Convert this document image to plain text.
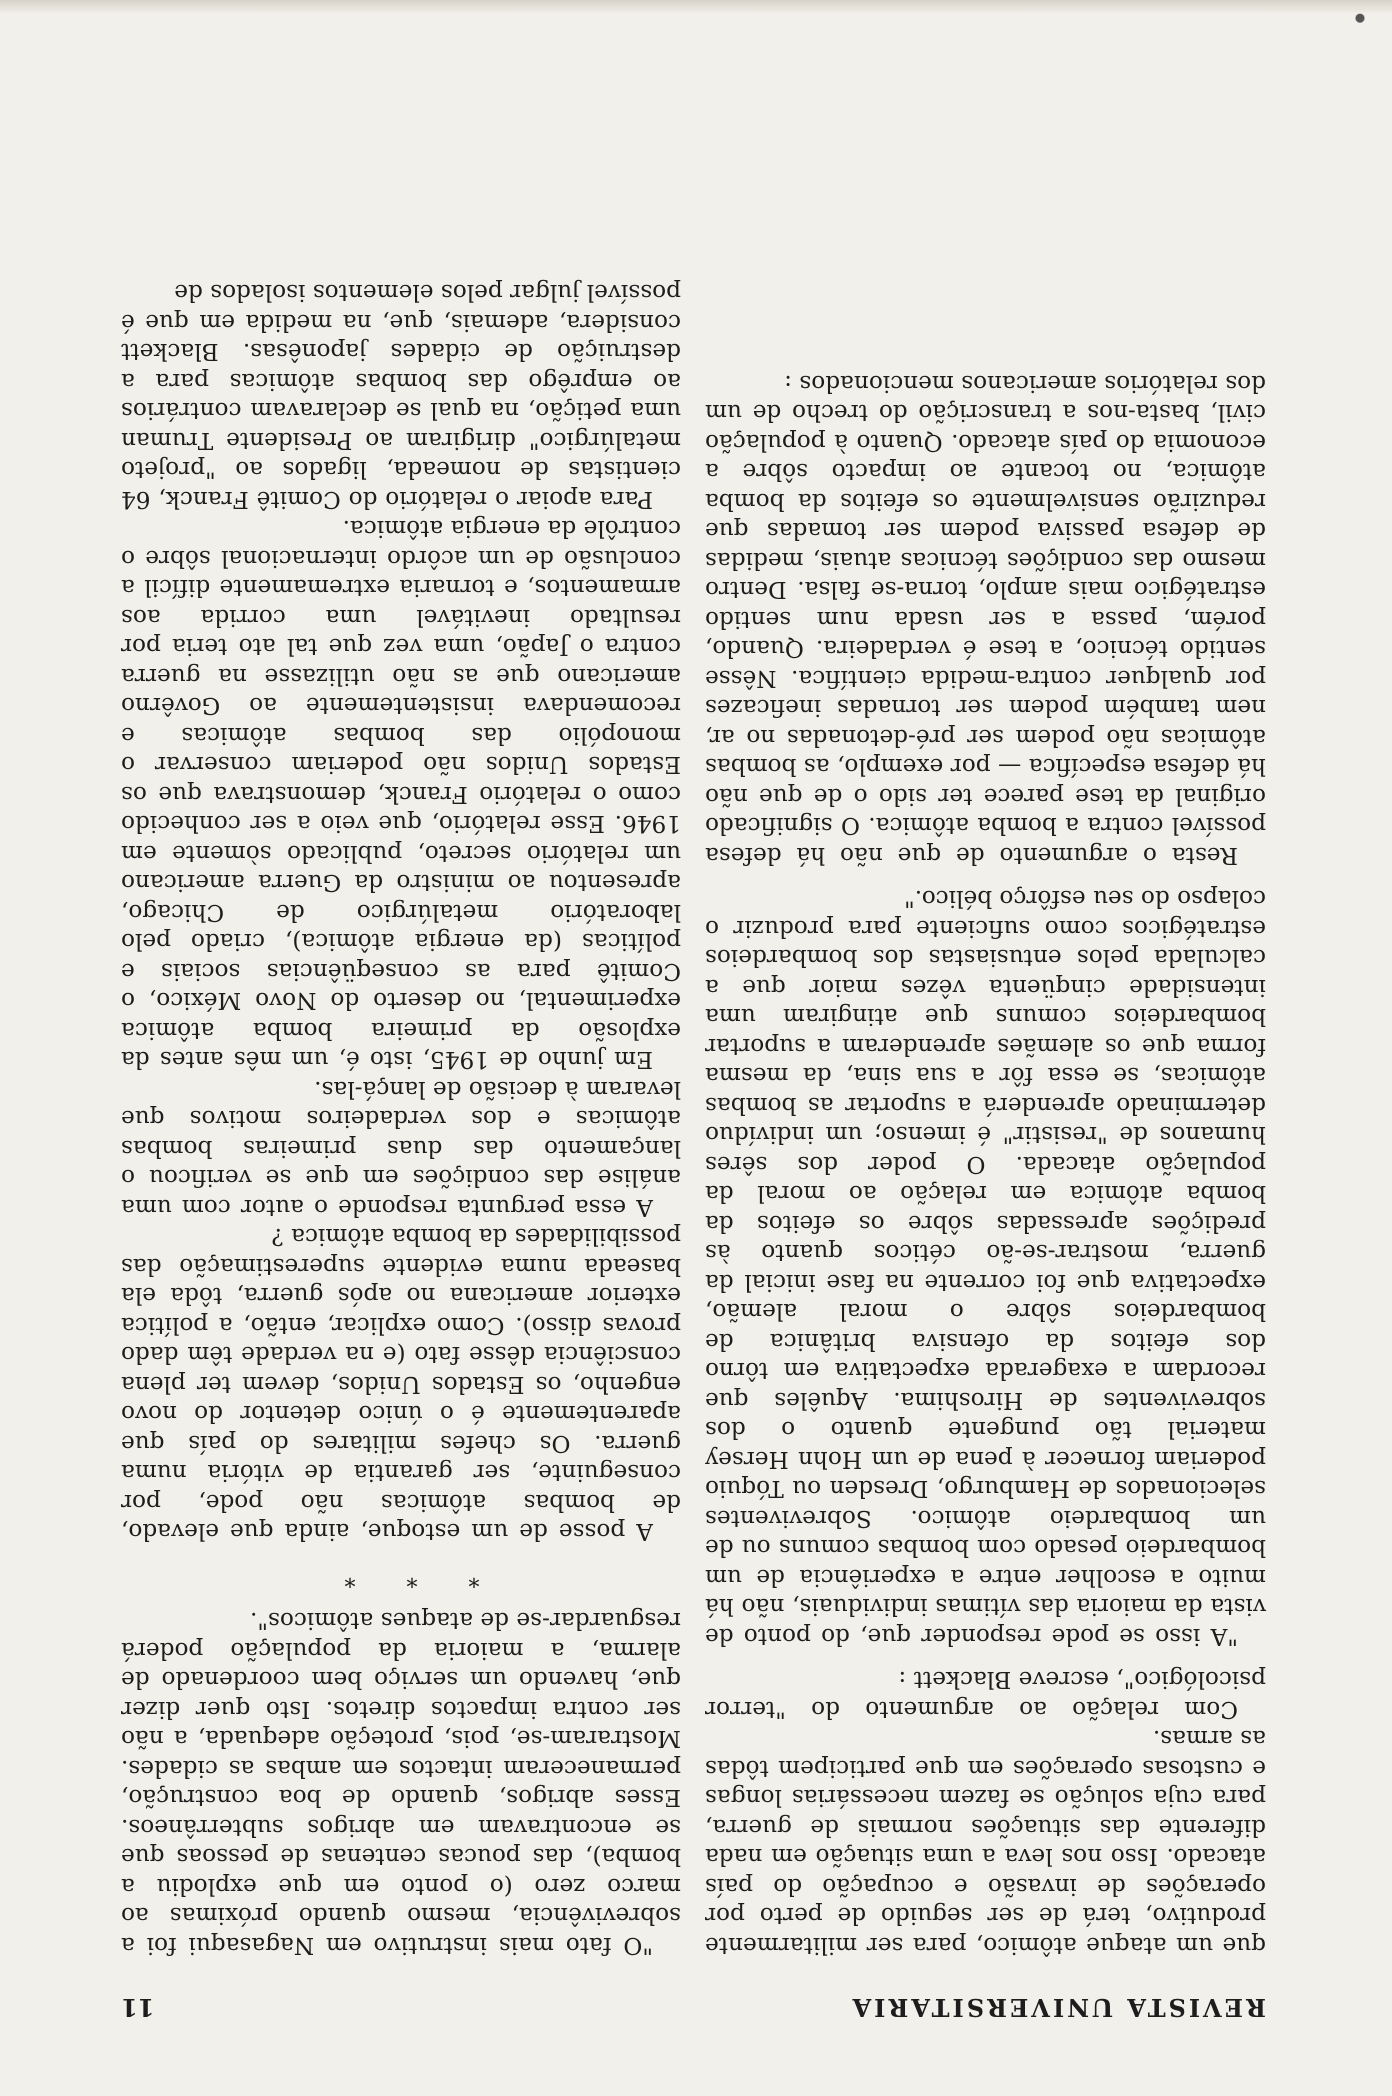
REVISTA UNIVERSITARIA
11

que um ataque atômico, para ser militarmente produtivo, terá de ser seguido de perto por operações de invasão e ocupação do país atacado. Isso nos leva a uma situação em nada diferente das situações normais de guerra, para cuja solução se fazem necessárias longas e custosas operações em que participem tôdas as armas.

Com relação ao argumento do "terror psicológico", escreve Blackett :

"A isso se pode responder que, do ponto de vista da maioria das vítimas individuais, não há muito a escolher entre a experiência de um bombardeio pesado com bombas comuns ou de um bombardeio atômico. Sobreviventes selecionados de Hamburgo, Dresden ou Tóquio poderiam fornecer à pena de um Hohn Hersey material tão pungente quanto o dos sobreviventes de Hiroshima. Aquêles que recordam a exagerada expectativa em tôrno dos efeitos da ofensiva britânica de bombardeios sôbre o moral alemão, expectativa que foi corrente na fase inicial da guerra, mostrar-se-ão céticos quanto às predições apressadas sôbre os efeitos da bomba atômica em relação ao moral da população atacada. O poder dos sêres humanos de "resistir" é imenso; um indivíduo determinado aprenderá a suportar as bombas atômicas, se essa fôr a sua sina, da mesma forma que os alemães aprenderam a suportar bombardeios comuns que atingiram uma intensidade cinqüenta vêzes maior que a calculada pelos entusiastas dos bombardeios estratégicos como suficiente para produzir o colapso do seu esfôrço bélico."

Resta o argumento de que não há defesa possível contra a bomba atômica. O significado original da tese parece ter sido o de que não há defesa específica — por exemplo, as bombas atômicas não podem ser pré-detonadas no ar, nem também podem ser tornadas ineficazes por qualquer contra-medida científica. Nêsse sentido técnico, a tese é verdadeira. Quando, porém, passa a ser usada num sentido estratégico mais amplo, torna-se falsa. Dentro mesmo das condições técnicas atuais, medidas de defesa passiva podem ser tomadas que reduzirão sensivelmente os efeitos da bomba atômica, no tocante ao impacto sôbre a economia do país atacado. Quanto à população civil, basta-nos a transcrição do trecho de um dos relatórios americanos mencionados :

"O fato mais instrutivo em Nagasaqui foi a sobrevivência, mesmo quando próximas ao marco zero (o ponto em que explodiu a bomba), das poucas centenas de pessoas que se encontravam em abrigos subterrâneos. Esses abrigos, quando de boa construção, permaneceram intactos em ambas as cidades. Mostraram-se, pois, proteção adequada, a não ser contra impactos diretos. Isto quer dizer que, havendo um serviço bem coordenado de alarma, a maioria da população poderá resguardar-se de ataques atômicos".

* * *

A posse de um estoque, ainda que elevado, de bombas atômicas não pode, por conseguinte, ser garantia de vitória numa guerra. Os chefes militares do país que aparentemente é o único detentor do novo engenho, os Estados Unidos, devem ter plena consciência dêsse fato (e na verdade têm dado provas disso). Como explicar, então, a política exterior americana no após guerra, tôda ela baseada numa evidente superestimação das possibilidades da bomba atômica ?

A essa pergunta responde o autor com uma análise das condições em que se verificou o lançamento das duas primeiras bombas atômicas e dos verdadeiros motivos que levaram à decisão de lançá-las.

Em junho de 1945, isto é, um mês antes da explosão da primeira bomba atômica experimental, no deserto do Novo México, o Comitê para as conseqüências sociais e políticas (da energia atômica), criado pelo laboratório metalúrgico de Chicago, apresentou ao ministro da Guerra americano um relatório secreto, publicado sòmente em 1946. Esse relatório, que veio a ser conhecido como o relatório Franck, demonstrava que os Estados Unidos não poderiam conservar o monopólio das bombas atômicas e recomendava insistentemente ao Govêrno americano que as não utilizasse na guerra contra o Japão, uma vez que tal ato teria por resultado inevitável uma corrida aos armamentos, e tornaria extremamente difícil a conclusão de um acôrdo internacional sôbre o contrôle da energia atômica.

Para apoiar o relatório do Comitê Franck, 64 cientistas de nomeada, ligados ao "projeto metalúrgico" dirigiram ao Presidente Truman uma petição, na qual se declaravam contrários ao emprêgo das bombas atômicas para a destruição de cidades japonêsas. Blackett considera, ademais, que, na medida em que é possível julgar pelos elementos isolados de
